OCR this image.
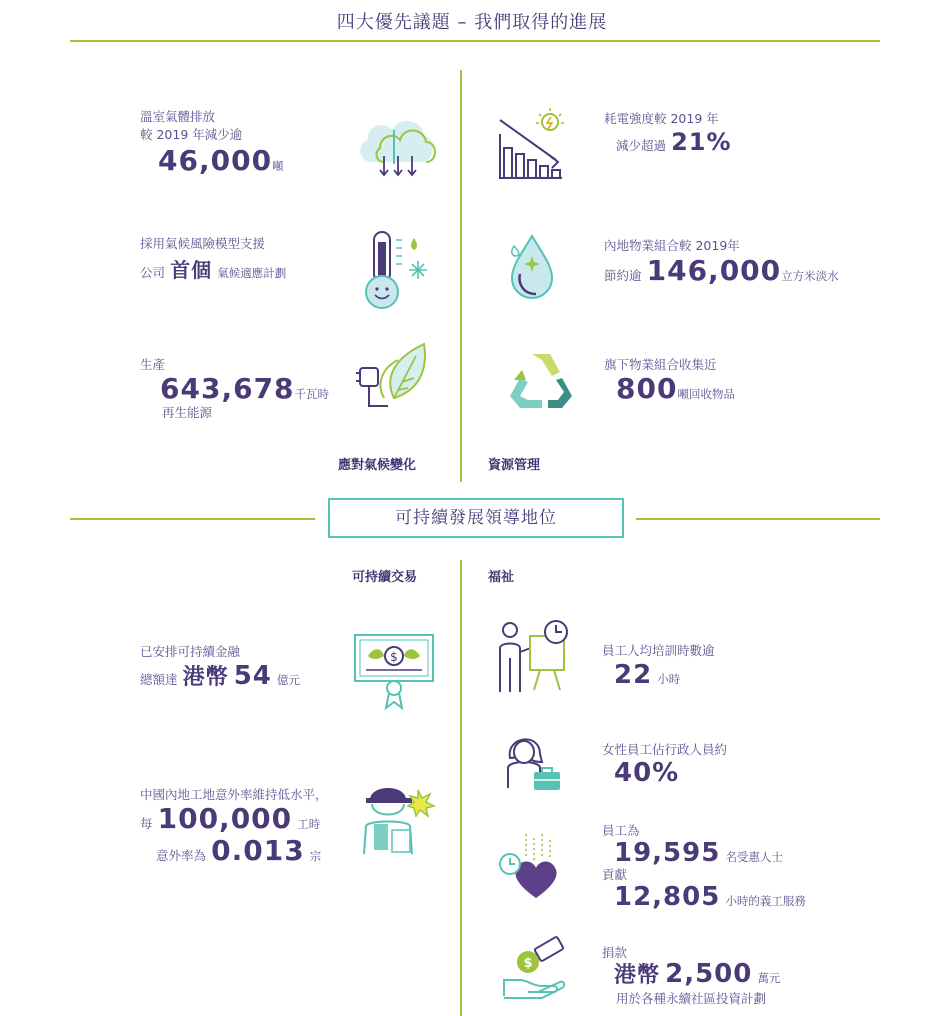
四大優先議題 – 我們取得的進展
溫室氣體排放
較 2019 年減少逾
46,000噸
採用氣候風險模型支援
公司 首個 氣候適應計劃
生產
643,678千瓦時
再生能源
應對氣候變化
耗電強度較 2019 年
減少超過 21%
內地物業組合較 2019年
節約逾 146,000立方米淡水
旗下物業組合收集近
800噸回收物品
資源管理
可持續發展領導地位
可持續交易
已安排可持續金融
總額達 港幣 54 億元
$
中國內地工地意外率維持低水平，
每 100,000 工時
意外率為 0.013 宗
福祉
員工人均培訓時數逾
22 小時
女性員工佔行政人員約
40%
員工為
19,595 名受惠人士
貢獻
12,805 小時的義工服務
$
捐款
港幣 2,500 萬元
用於各種永續社區投資計劃
